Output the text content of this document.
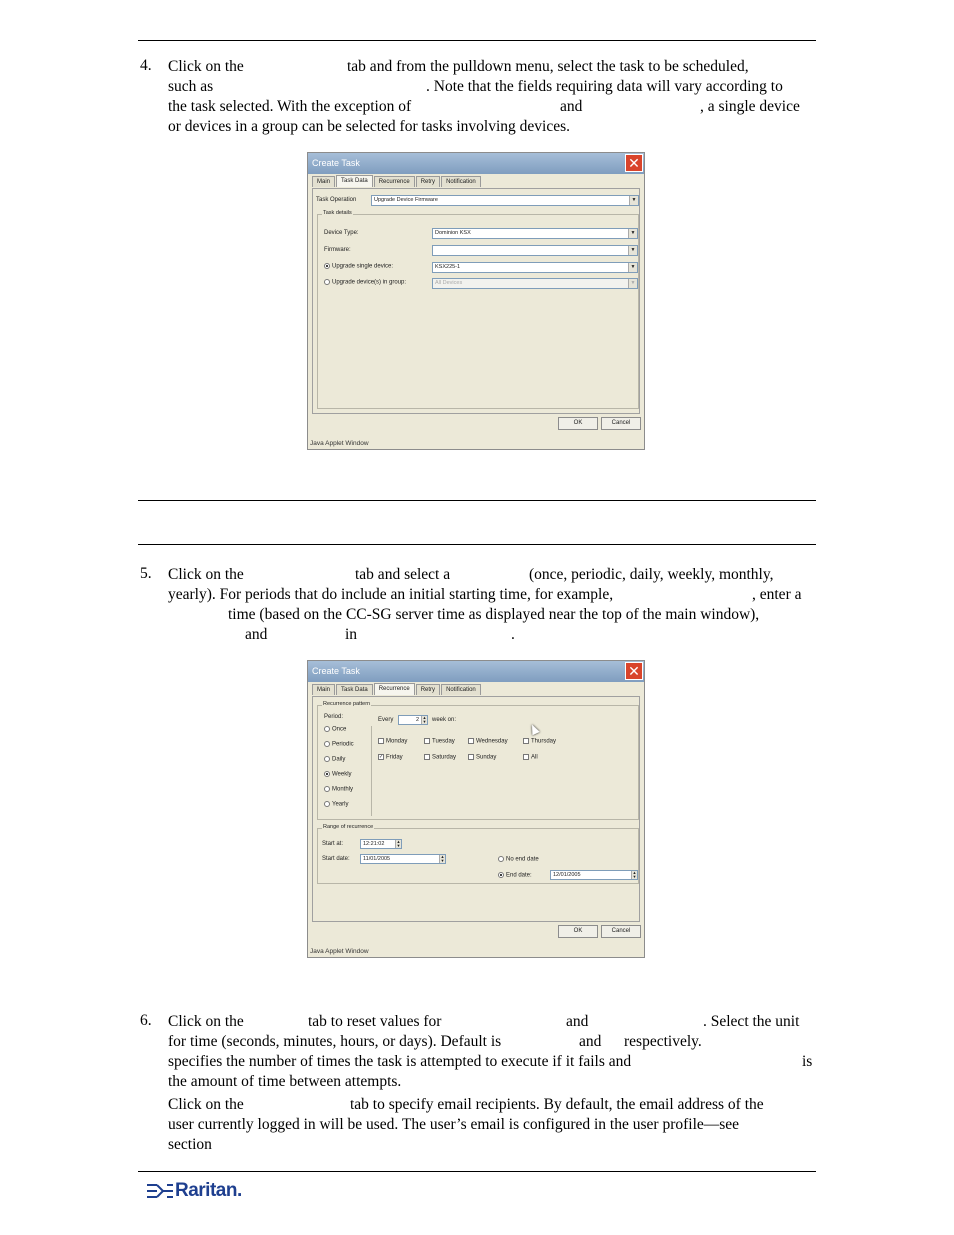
4. Click on the	tab and from the pulldown menu, select the task to be scheduled,
such as	. Note that the fields requiring data will vary according to
the task selected. With the exception of	and	, a single device
or devices in a group can be selected for tasks involving devices.
Create Task	✕
Main	Task Data	Recurrence	Retry	Notification
Task Operation	Upgrade Device Firmware	▼
Task details
Device Type:	Dominion KSX	▼
Firmware:	▼
Upgrade single device:	KSX225-1	▼
Upgrade device(s) in group:	All Devices	▼
OK	Cancel
Java Applet Window
5. Click on the	tab and select a	(once, periodic, daily, weekly, monthly,
yearly). For periods that do include an initial starting time, for example,	, enter a
time (based on the CC-SG server time as displayed near the top of the main window),
and	in	.
Create Task	✕
Main	Task Data	Recurrence	Retry	Notification
Recurrence pattern
Period:
Once
Periodic
Daily
Weekly
Monthly
Yearly
Every	2 ▲
▼ week on:
Monday	Tuesday	Wednesday	Thursday
✓ Friday	Saturday	Sunday	All
Range of recurrence
Start at:	12:21:02	▲
▼
Start date:	11/01/2005	▲
▼	No end date
End date:	12/01/2005	▲
▼
OK	Cancel
Java Applet Window
6. Click on the	tab to reset values for	and	. Select the unit
for time (seconds, minutes, hours, or days). Default is	and respectively.
specifies the number of times the task is attempted to execute if it fails and	is
the amount of time between attempts.
Click on the	tab to specify email recipients. By default, the email address of the
user currently logged in will be used. The user’s email is configured in the user profile—see
section
Raritan.
